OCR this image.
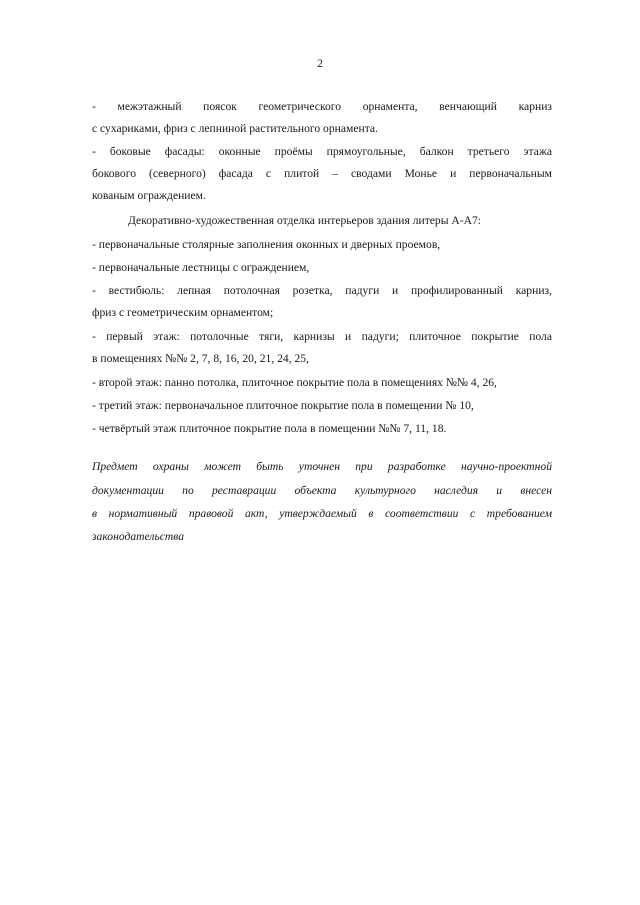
2
- межэтажный поясок геометрического орнамента, венчающий карниз
с сухариками, фриз с лепниной растительного орнамента.
- боковые фасады: оконные проёмы прямоугольные, балкон третьего этажа
бокового (северного) фасада с плитой – сводами Монье и первоначальным
кованым ограждением.
Декоративно-художественная отделка интерьеров здания литеры А-А7:
- первоначальные столярные заполнения оконных и дверных проемов,
- первоначальные лестницы с ограждением,
- вестибюль: лепная потолочная розетка, падуги и профилированный карниз,
фриз с геометрическим орнаментом;
- первый этаж: потолочные тяги, карнизы и падуги; плиточное покрытие пола
в помещениях №№ 2, 7, 8, 16, 20, 21, 24, 25,
- второй этаж: панно потолка, плиточное покрытие пола в помещениях №№ 4, 26,
- третий этаж: первоначальное плиточное покрытие пола в помещении № 10,
- четвёртый этаж плиточное покрытие пола в помещении №№ 7, 11, 18.
Предмет охраны может быть уточнен при разработке научно-проектной
документации по реставрации объекта культурного наследия и внесен
в нормативный правовой акт, утверждаемый в соответствии с требованием
законодательства
